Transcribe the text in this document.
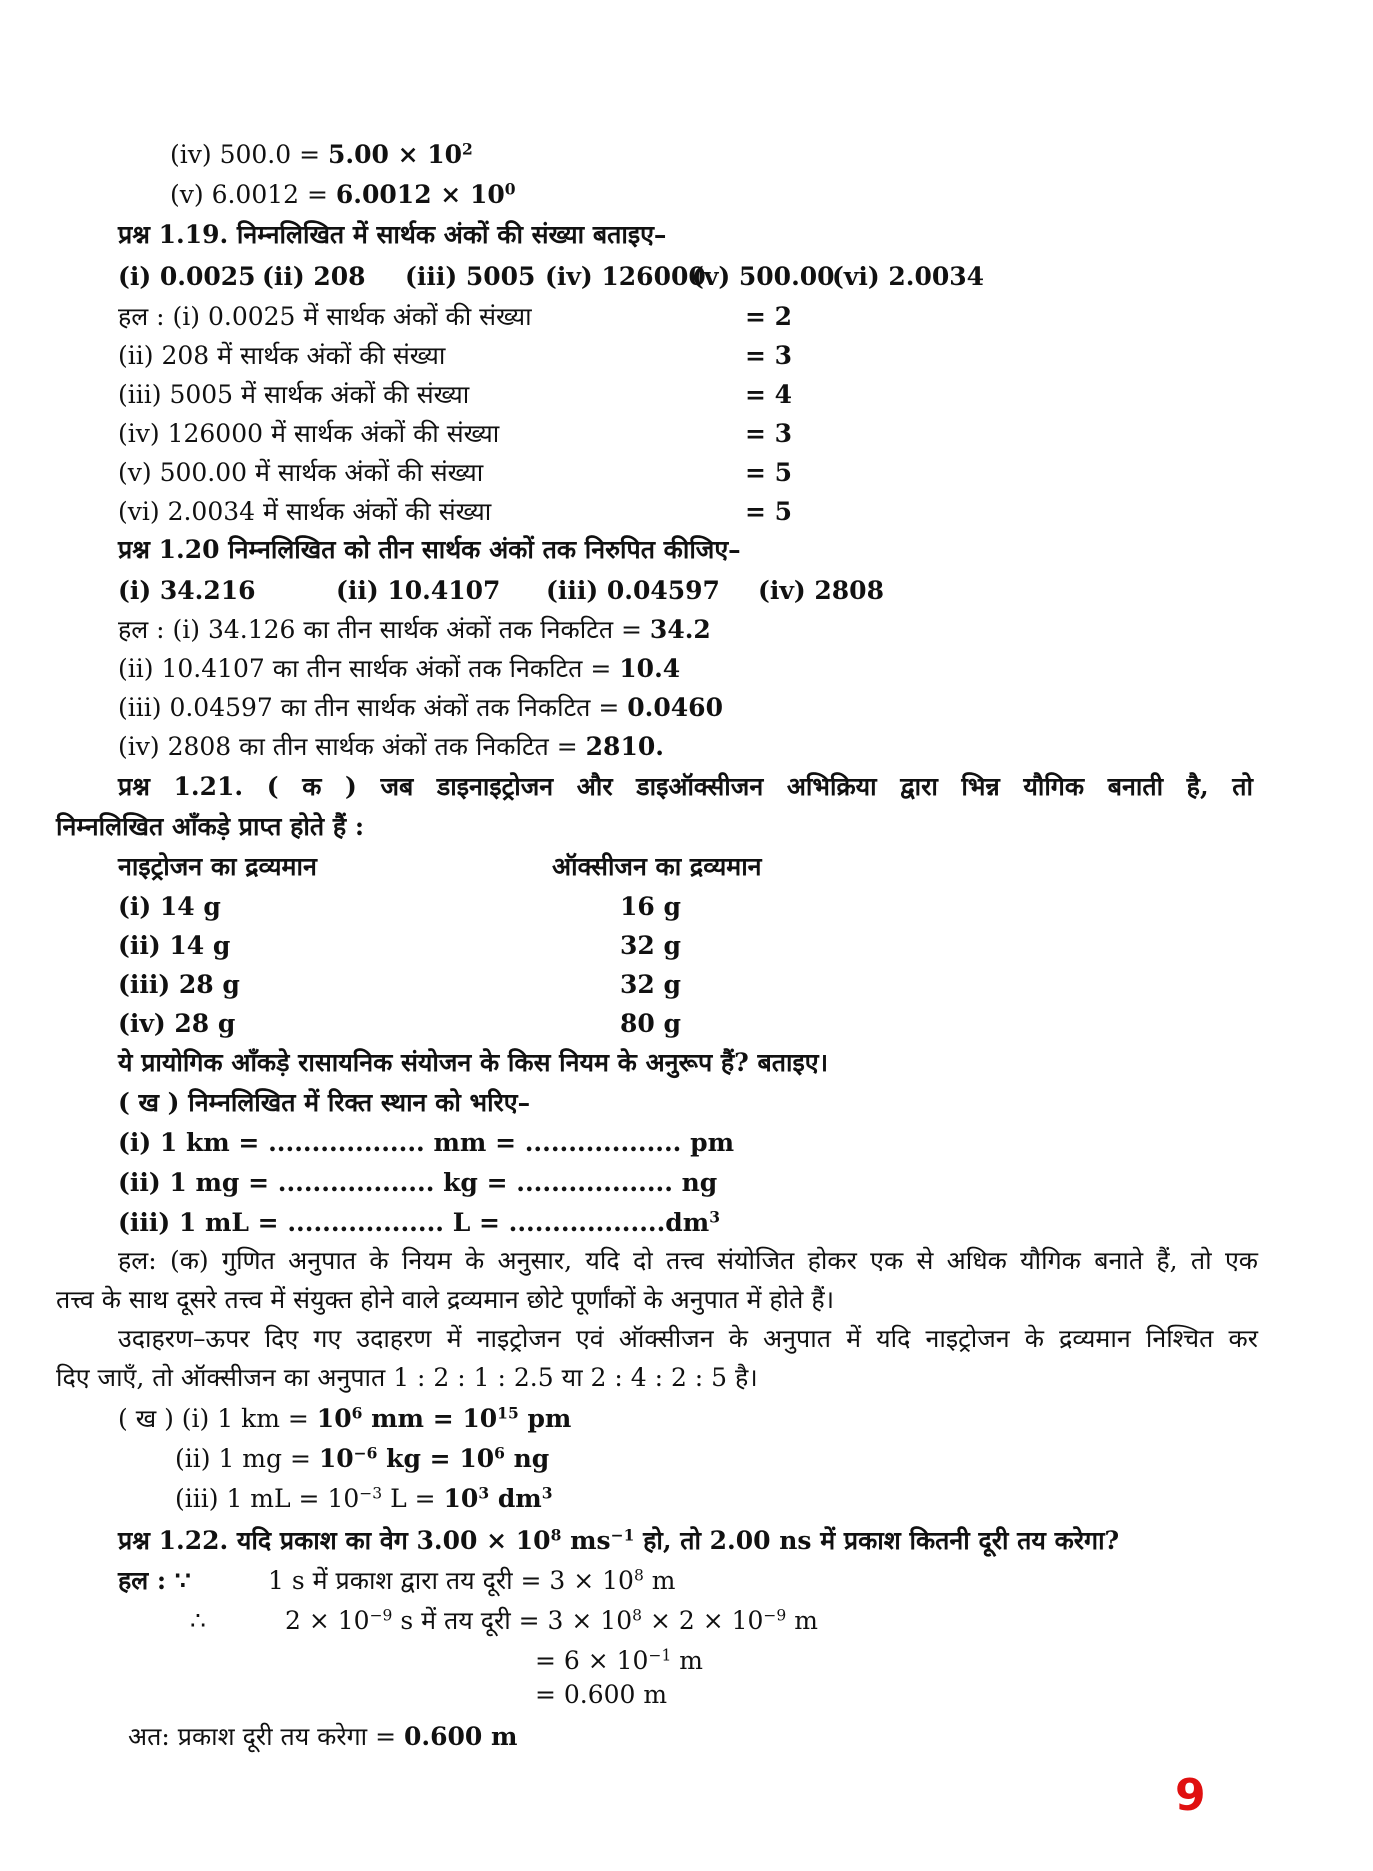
(iv) $500.0 = 5.00 \times 10^2$
(v) $6.0012 = 6.0012 \times 10^0$
प्रश्न 1.19. निम्नलिखित में सार्थक अंकों की संख्या बताइए–
(i) 0.0025 (ii) 208 (iii) 5005 (iv) 126000
(v) 500.00
(vi) 2.0034
हल : (i) 0.0025 में सार्थक अंकों की संख्या	= 2
(ii) 208 में सार्थक अंकों की संख्या	= 3
(iii) 5005 में सार्थक अंकों की संख्या	= 4
(iv) 126000 में सार्थक अंकों की संख्या	= 3
(v) 500.00 में सार्थक अंकों की संख्या	= 5
(vi) 2.0034 में सार्थक अंकों की संख्या	= 5
प्रश्न 1.20 निम्नलिखित को तीन सार्थक अंकों तक निरुपित कीजिए–
(i) 34.216	(ii) 10.4107 (iii) 0.04597 (iv) 2808
हल : (i) 34.126 का तीन सार्थक अंकों तक निकटित = 34.2
(ii) 10.4107 का तीन सार्थक अंकों तक निकटित = 10.4
(iii) 0.04597 का तीन सार्थक अंकों तक निकटित = 0.0460
(iv) 2808 का तीन सार्थक अंकों तक निकटित = 2810.
प्रश्न 1.21. ( क ) जब डाइनाइट्रोजन और डाइऑक्सीजन अभिक्रिया द्वारा भिन्न यौगिक बनाती है, तो
निम्नलिखित आँकड़े प्राप्त होते हैं :
नाइट्रोजन का द्रव्यमान	ऑक्सीजन का द्रव्यमान
(i) 14 g	16 g
(ii) 14 g	32 g
(iii) 28 g	32 g
(iv) 28 g	80 g
ये प्रायोगिक आँकड़े रासायनिक संयोजन के किस नियम के अनुरूप हैं? बताइए।
( ख ) निम्नलिखित में रिक्त स्थान को भरिए–
(i) 1 km = .................. mm = .................. pm
(ii) 1 mg = .................. kg = .................. ng
(iii) 1 mL = .................. $L = ..................dm^3$
हल: (क) गुणित अनुपात के नियम के अनुसार, यदि दो तत्त्व संयोजित होकर एक से अधिक यौगिक बनाते हैं, तो एक
तत्त्व के साथ दूसरे तत्त्व में संयुक्त होने वाले द्रव्यमान छोटे पूर्णांकों के अनुपात में होते हैं।
उदाहरण–ऊपर दिए गए उदाहरण में नाइट्रोजन एवं ऑक्सीजन के अनुपात में यदि नाइट्रोजन के द्रव्यमान निश्चित कर
दिए जाएँ, तो ऑक्सीजन का अनुपात 1 : 2 : 1 : 2.5 या 2 : 4 : 2 : 5 है।
( ख ) (i) 1 km = $10^6$ mm = $10^{15}$ pm
(ii) 1 mg = $10^{-6}$ kg = $10^6$ ng
(iii) 1 mL = $10^{-3}$ $L = 10^3$ $dm^3$
प्रश्न 1.22. यदि प्रकाश का वेग $3.00 \times 10^8$ $ms^{-1}$ हो, तो 2.00 ns में प्रकाश कितनी दूरी तय करेगा?
हल : ∵	1 s में प्रकाश द्वारा तय दूरी = $3 \times 10^8$ m
∴	$2 \times 10^{-9}$ s में तय दूरी = $3 \times 10^8 \times 2 \times 10^{-9}$ m
= $6 \times 10^{-1}$ m
= 0.600 m
अत: प्रकाश दूरी तय करेगा = 0.600 m
9
